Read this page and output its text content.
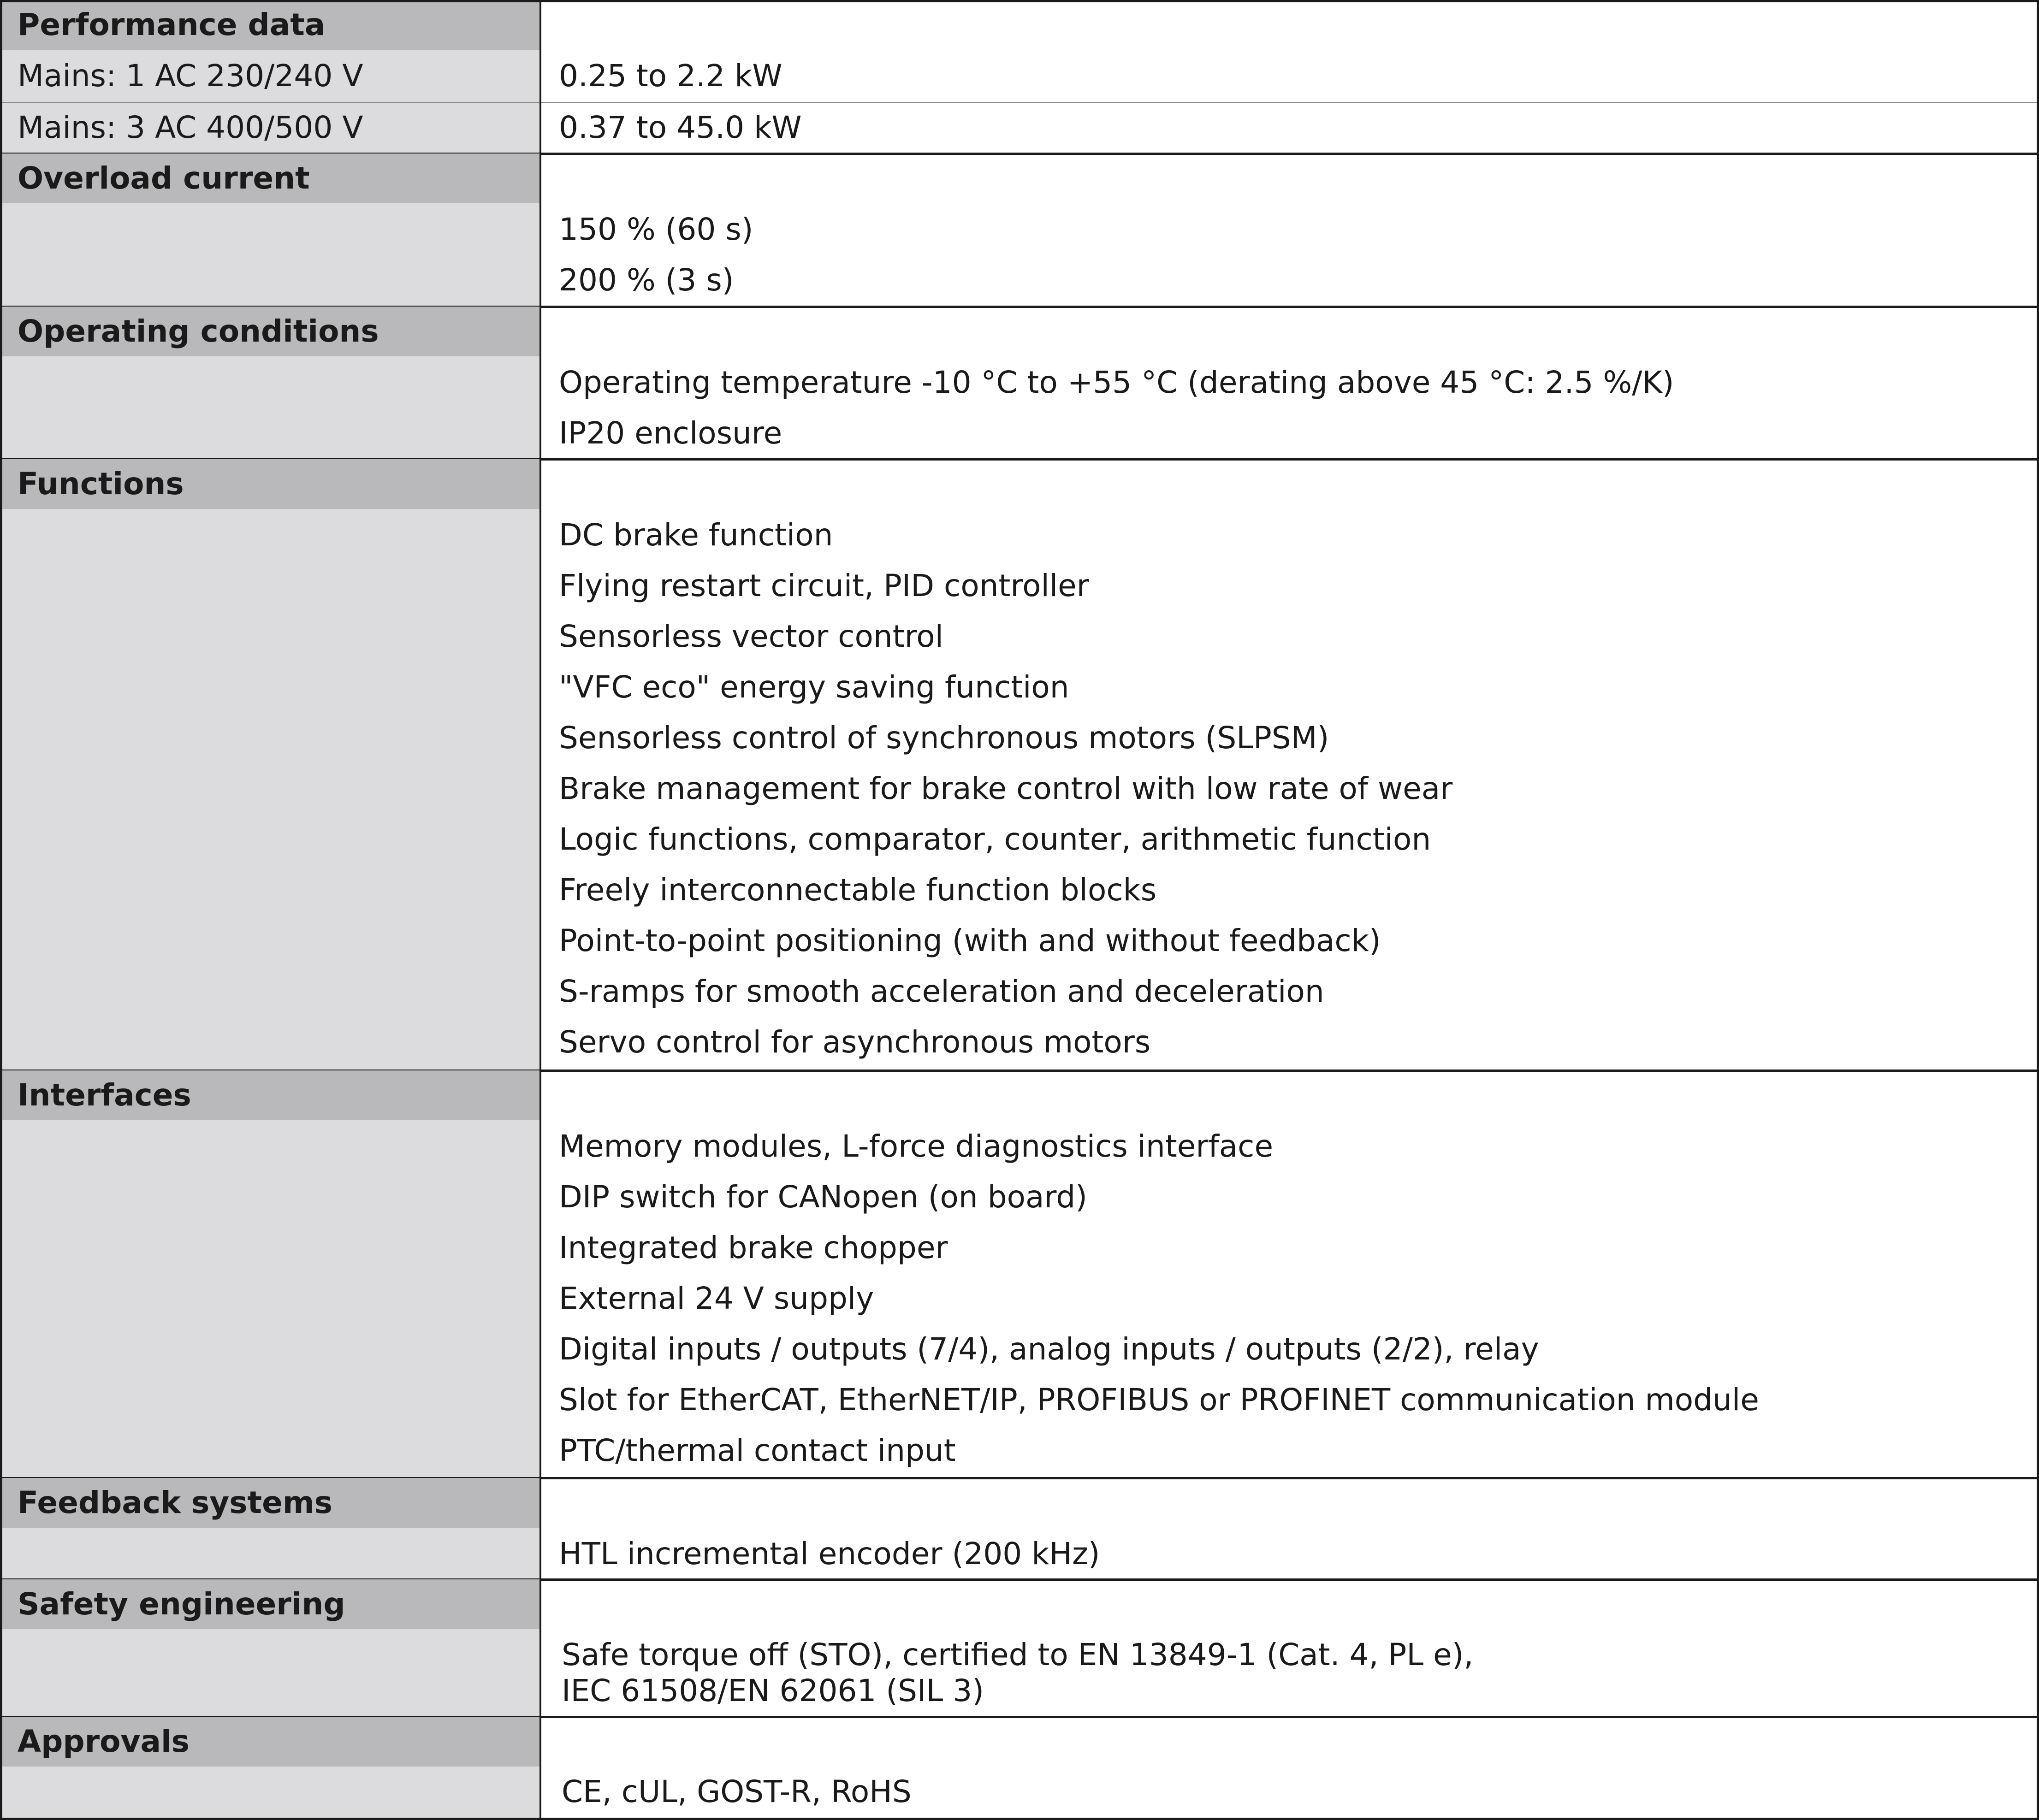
Performance data
Mains: 1 AC 230/240 V	0.25 to 2.2 kW
Mains: 3 AC 400/500 V	0.37 to 45.0 kW
Overload current
150 % (60 s)
200 % (3 s)
Operating conditions
Operating temperature -10 °C to +55 °C (derating above 45 °C: 2.5 %/K)
IP20 enclosure
Functions
DC brake function
Flying restart circuit, PID controller
Sensorless vector control
"VFC eco" energy saving function
Sensorless control of synchronous motors (SLPSM)
Brake management for brake control with low rate of wear
Logic functions, comparator, counter, arithmetic function
Freely interconnectable function blocks
Point-to-point positioning (with and without feedback)
S-ramps for smooth acceleration and deceleration
Servo control for asynchronous motors
Interfaces
Memory modules, L-force diagnostics interface
DIP switch for CANopen (on board)
Integrated brake chopper
External 24 V supply
Digital inputs / outputs (7/4), analog inputs / outputs (2/2), relay
Slot for EtherCAT, EtherNET/IP, PROFIBUS or PROFINET communication module
PTC/thermal contact input
Feedback systems
HTL incremental encoder (200 kHz)
Safety engineering
Safe torque off (STO), certified to EN 13849-1 (Cat. 4, PL e),
IEC 61508/EN 62061 (SIL 3)
Approvals
CE, cUL, GOST-R, RoHS
